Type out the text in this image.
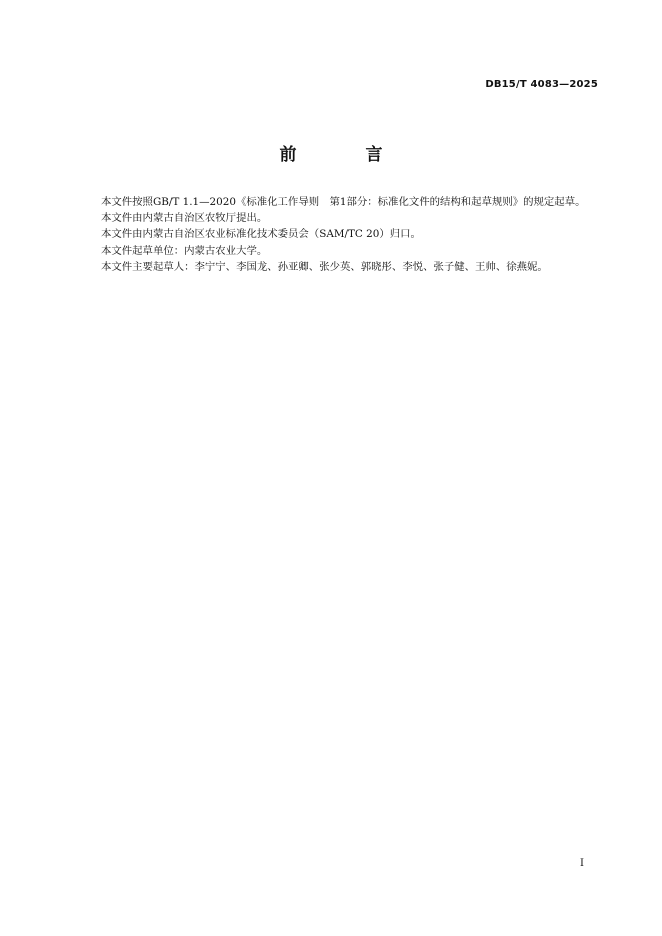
DB15/T 4083—2025
前　言

本文件按照GB/T 1.1—2020《标准化工作导则　第1部分：标准化文件的结构和起草规则》的规定起草。

本文件由内蒙古自治区农牧厅提出。

本文件由内蒙古自治区农业标准化技术委员会（SAM/TC 20）归口。

本文件起草单位：内蒙古农业大学。

本文件主要起草人：李宁宁、李国龙、孙亚卿、张少英、郭晓彤、李悦、张子健、王帅、徐燕妮。

I
